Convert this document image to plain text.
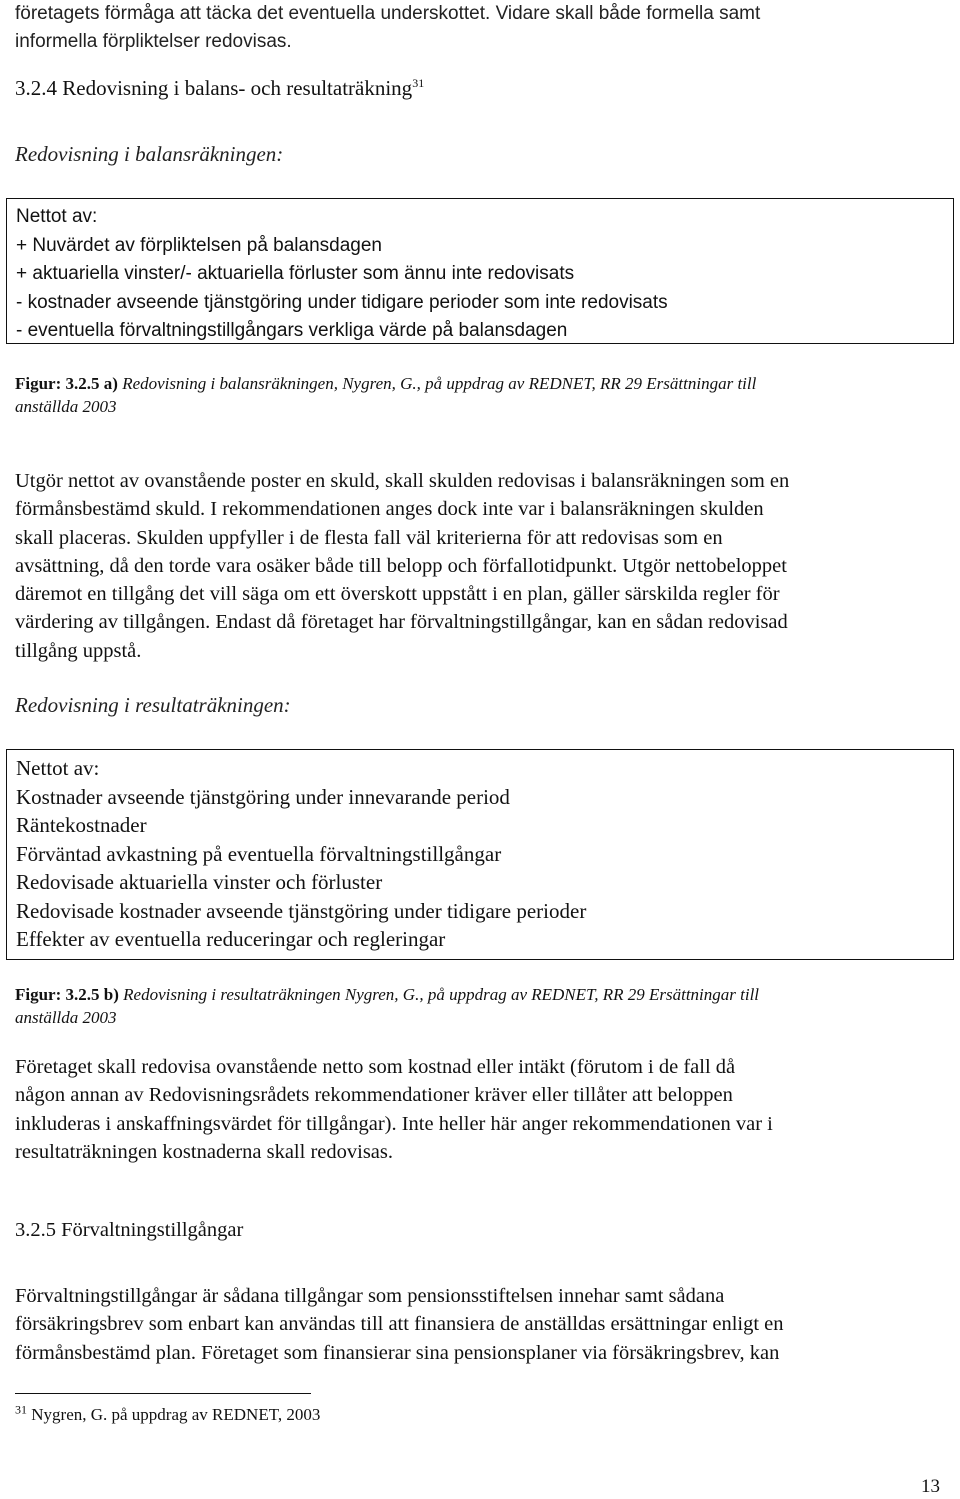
företagets förmåga att täcka det eventuella underskottet. Vidare skall både formella samt
informella förpliktelser redovisas.
3.2.4 Redovisning i balans- och resultaträkning$^{31}$
Redovisning i balansräkningen:
Nettot av:
+ Nuvärdet av förpliktelsen på balansdagen
+ aktuariella vinster/- aktuariella förluster som ännu inte redovisats
- kostnader avseende tjänstgöring under tidigare perioder som inte redovisats
- eventuella förvaltningstillgångars verkliga värde på balansdagen
Figur: 3.2.5 a) Redovisning i balansräkningen, Nygren, G., på uppdrag av REDNET, RR 29 Ersättningar till
anställda 2003
Utgör nettot av ovanstående poster en skuld, skall skulden redovisas i balansräkningen som en
förmånsbestämd skuld. I rekommendationen anges dock inte var i balansräkningen skulden
skall placeras. Skulden uppfyller i de flesta fall väl kriterierna för att redovisas som en
avsättning, då den torde vara osäker både till belopp och förfallotidpunkt. Utgör nettobeloppet
däremot en tillgång det vill säga om ett överskott uppstått i en plan, gäller särskilda regler för
värdering av tillgången. Endast då företaget har förvaltningstillgångar, kan en sådan redovisad
tillgång uppstå.
Redovisning i resultaträkningen:
Nettot av:
Kostnader avseende tjänstgöring under innevarande period
Räntekostnader
Förväntad avkastning på eventuella förvaltningstillgångar
Redovisade aktuariella vinster och förluster
Redovisade kostnader avseende tjänstgöring under tidigare perioder
Effekter av eventuella reduceringar och regleringar
Figur: 3.2.5 b) Redovisning i resultaträkningen Nygren, G., på uppdrag av REDNET, RR 29 Ersättningar till
anställda 2003
Företaget skall redovisa ovanstående netto som kostnad eller intäkt (förutom i de fall då
någon annan av Redovisningsrådets rekommendationer kräver eller tillåter att beloppen
inkluderas i anskaffningsvärdet för tillgångar). Inte heller här anger rekommendationen var i
resultaträkningen kostnaderna skall redovisas.
3.2.5 Förvaltningstillgångar
Förvaltningstillgångar är sådana tillgångar som pensionsstiftelsen innehar samt sådana
försäkringsbrev som enbart kan användas till att finansiera de anställdas ersättningar enligt en
förmånsbestämd plan. Företaget som finansierar sina pensionsplaner via försäkringsbrev, kan
$^{31}$ Nygren, G. på uppdrag av REDNET, 2003
13
